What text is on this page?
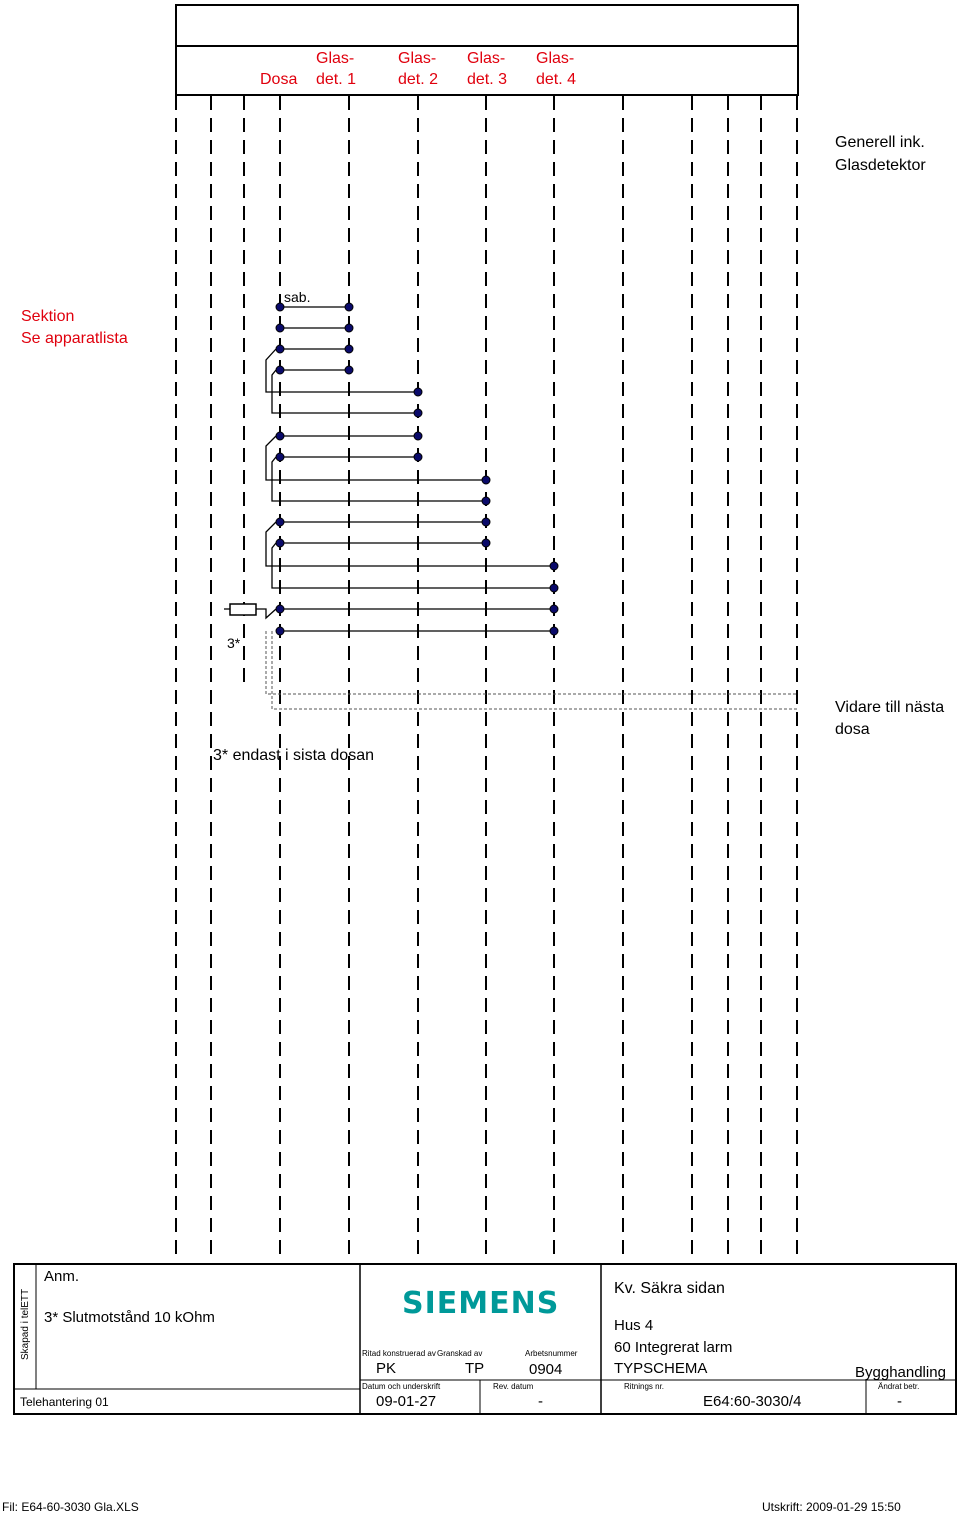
Dosa
Glas-
det. 1
Glas-
det. 2
Glas-
det. 3
Glas-
det. 4
Generell ink.
Glasdetektor
Sektion
Se apparatlista
sab.
3*
3* endast i sista dosan
Vidare till nästa
dosa
Anm.
3* Slutmotstånd 10 kOhm
Skapad i telETT
Telehantering 01
SIEMENS
Ritad konstruerad av
PK
Granskad av
TP
Arbetsnummer
0904
Datum och underskrift
09-01-27
Rev. datum
-
Kv. Säkra sidan
Hus 4
60 Integrerat larm
TYPSCHEMA	Bygghandling
Ritnings nr.
E64:60-3030/4
Ändrat betr.
-
Fil: E64-60-3030 Gla.XLS	Utskrift: 2009-01-29 15:50
